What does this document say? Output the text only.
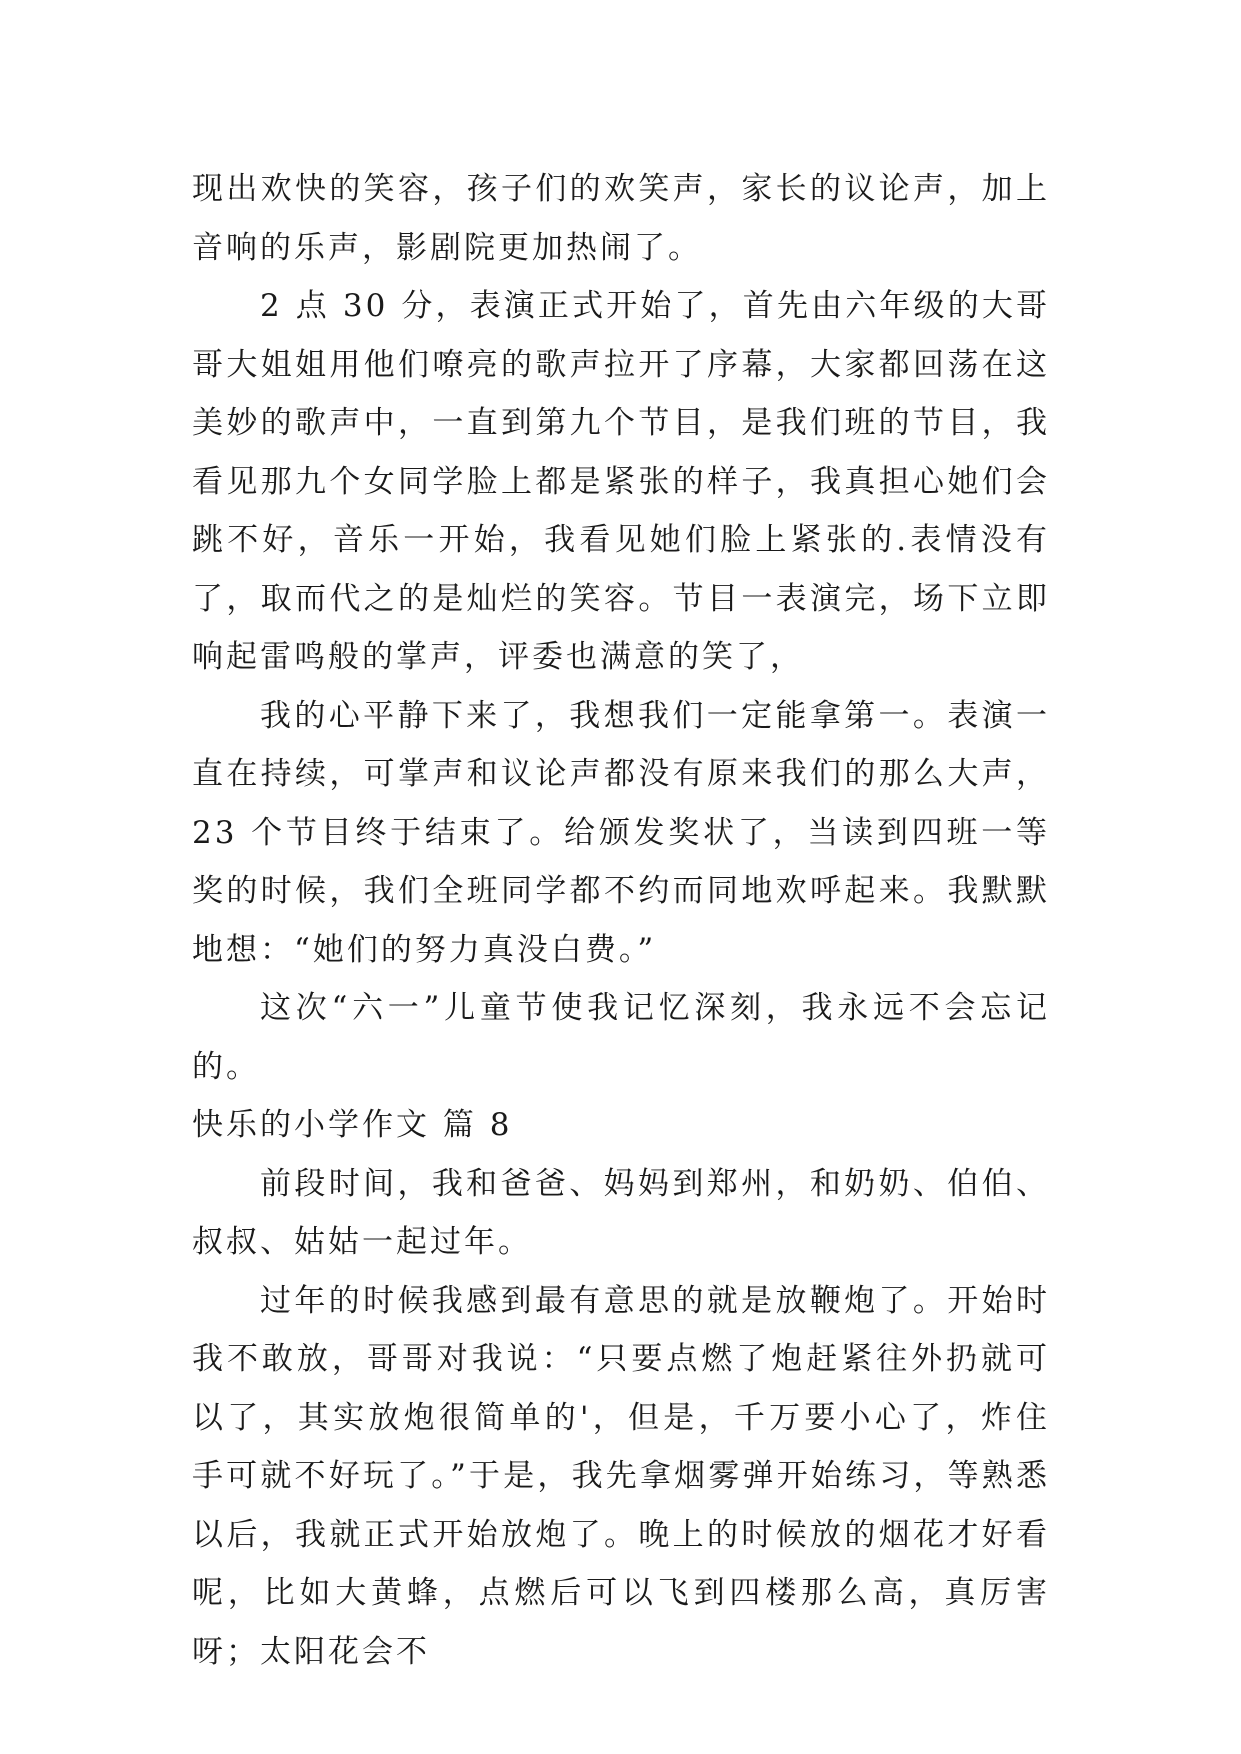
现出欢快的笑容，孩子们的欢笑声，家长的议论声，加上音响的乐声，影剧院更加热闹了。

2 点 30 分，表演正式开始了，首先由六年级的大哥哥大姐姐用他们嘹亮的歌声拉开了序幕，大家都回荡在这美妙的歌声中，一直到第九个节目，是我们班的节目，我看见那九个女同学脸上都是紧张的样子，我真担心她们会跳不好，音乐一开始，我看见她们脸上紧张的.表情没有了，取而代之的是灿烂的笑容。节目一表演完，场下立即响起雷鸣般的掌声，评委也满意的笑了，

我的心平静下来了，我想我们一定能拿第一。表演一直在持续，可掌声和议论声都没有原来我们的那么大声，23 个节目终于结束了。给颁发奖状了，当读到四班一等奖的时候，我们全班同学都不约而同地欢呼起来。我默默地想：“她们的努力真没白费。”

这次“六一”儿童节使我记忆深刻，我永远不会忘记的。

快乐的小学作文 篇 8

前段时间，我和爸爸、妈妈到郑州，和奶奶、伯伯、叔叔、姑姑一起过年。

过年的时候我感到最有意思的就是放鞭炮了。开始时我不敢放，哥哥对我说：“只要点燃了炮赶紧往外扔就可以了，其实放炮很简单的'，但是，千万要小心了，炸住手可就不好玩了。”于是，我先拿烟雾弹开始练习，等熟悉以后，我就正式开始放炮了。晚上的时候放的烟花才好看呢，比如大黄蜂，点燃后可以飞到四楼那么高，真厉害呀；太阳花会不
